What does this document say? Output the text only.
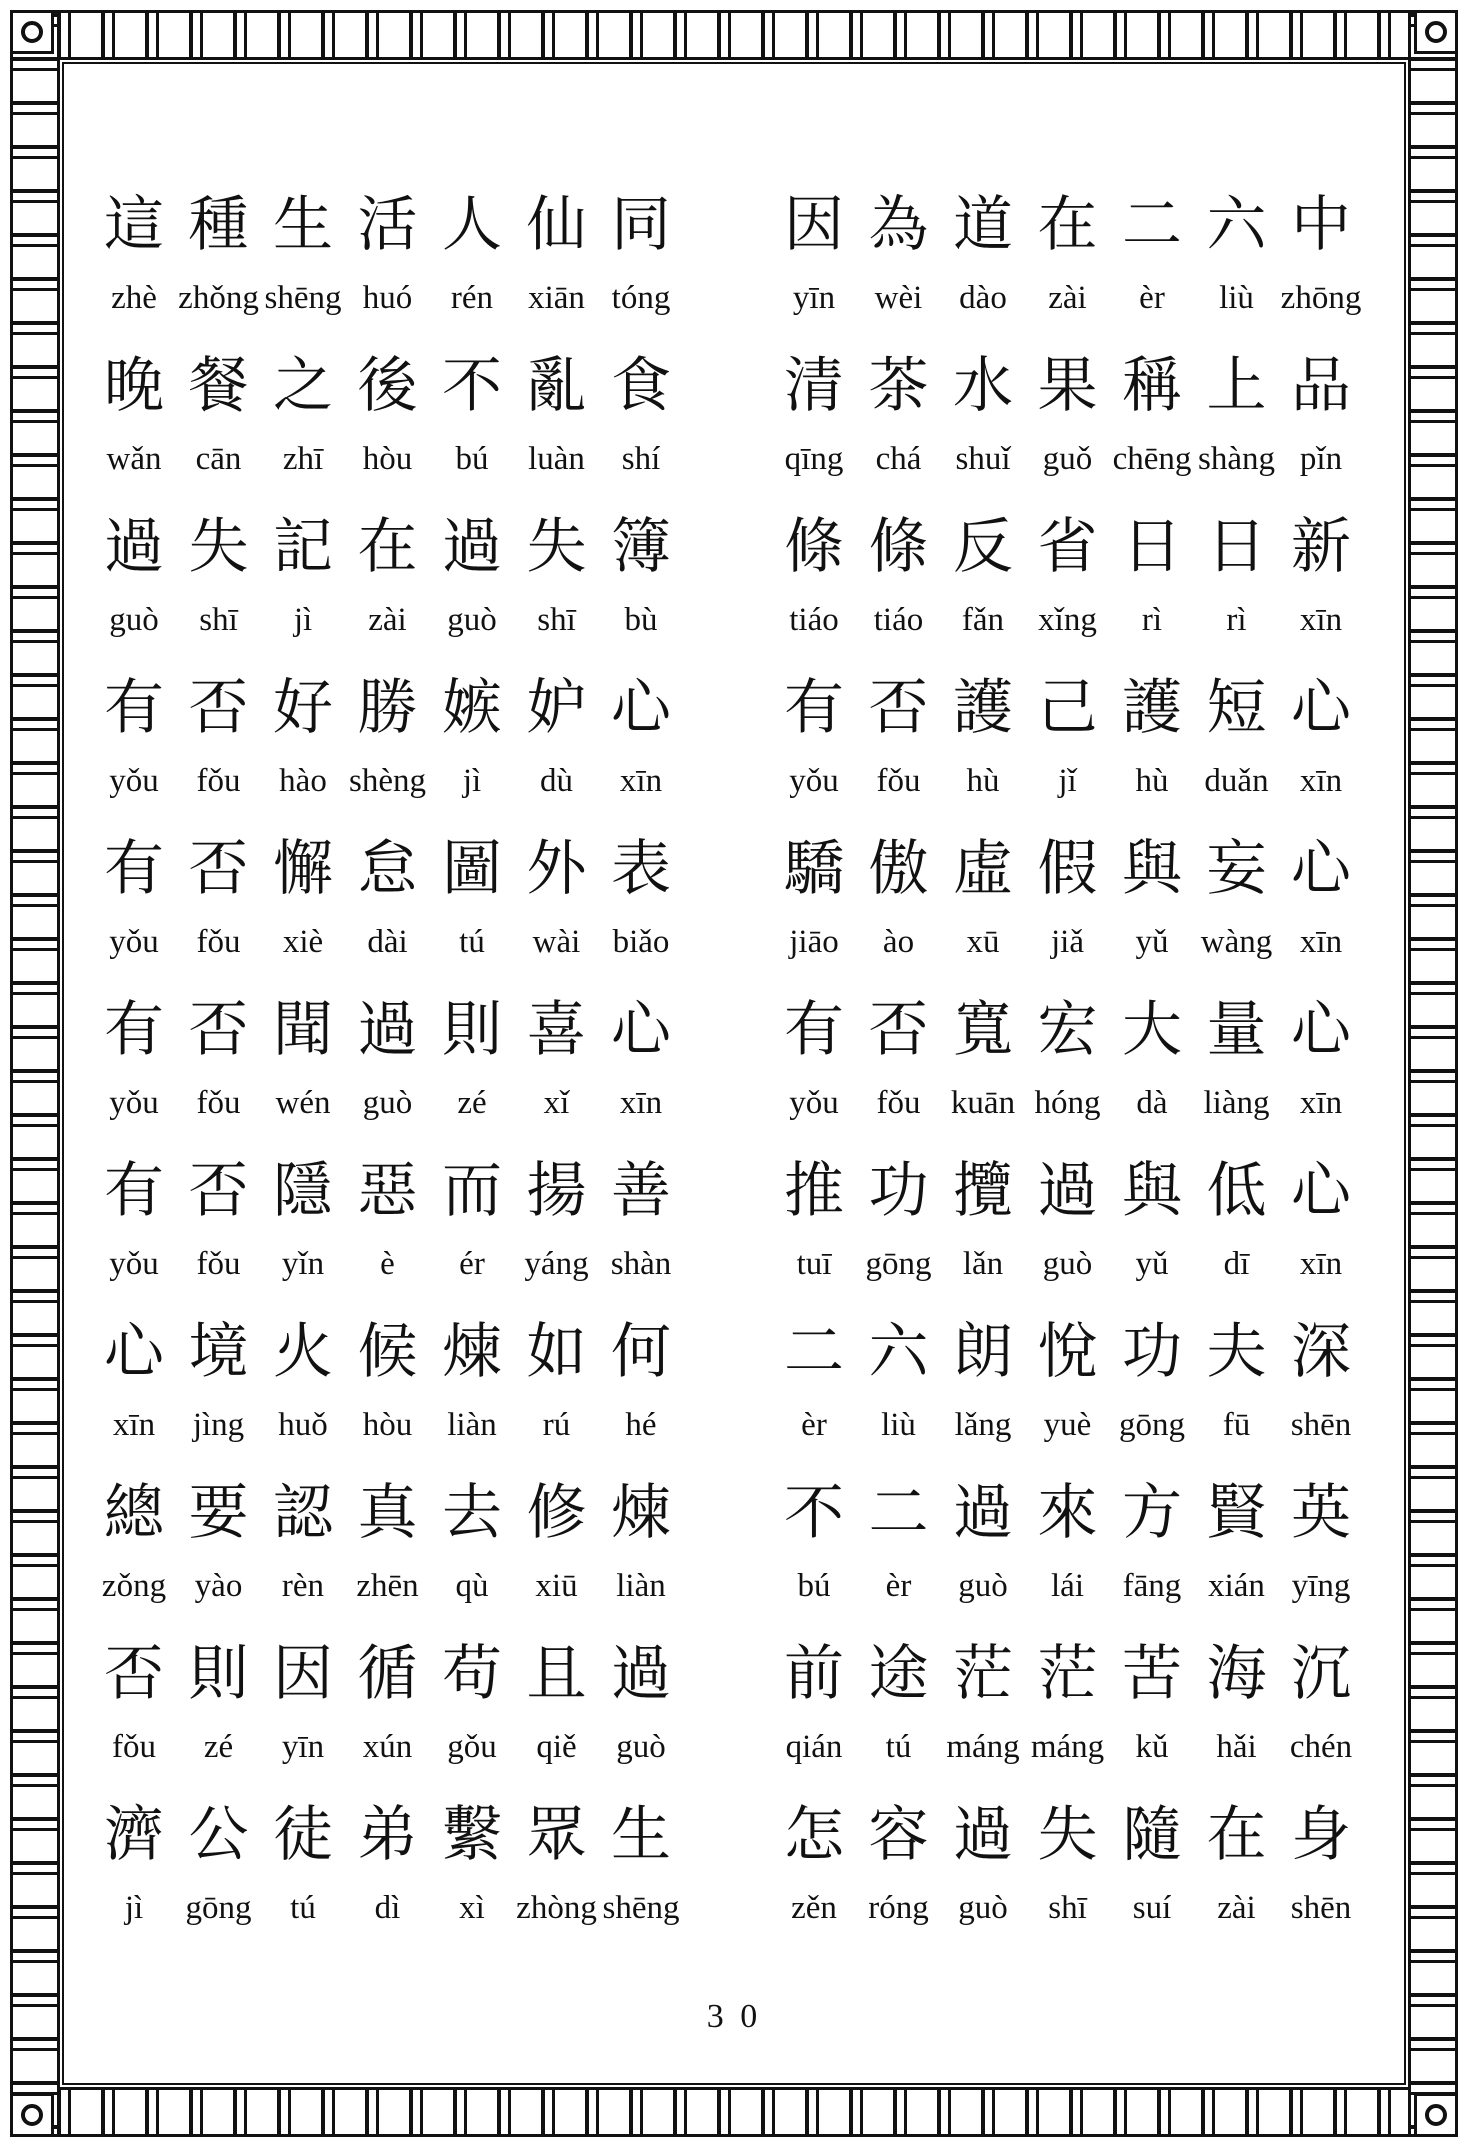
這
zhè
種
zhǒng
生
shēng
活
huó
人
rén
仙
xiān
同
tóng
因
yīn
為
wèi
道
dào
在
zài
二
èr
六
liù
中
zhōng
晚
wǎn
餐
cān
之
zhī
後
hòu
不
bú
亂
luàn
食
shí
清
qīng
茶
chá
水
shuǐ
果
guǒ
稱
chēng
上
shàng
品
pǐn
過
guò
失
shī
記
jì
在
zài
過
guò
失
shī
簿
bù
條
tiáo
條
tiáo
反
fǎn
省
xǐng
日
rì
日
rì
新
xīn
有
yǒu
否
fǒu
好
hào
勝
shèng
嫉
jì
妒
dù
心
xīn
有
yǒu
否
fǒu
護
hù
己
jǐ
護
hù
短
duǎn
心
xīn
有
yǒu
否
fǒu
懈
xiè
怠
dài
圖
tú
外
wài
表
biǎo
驕
jiāo
傲
ào
虛
xū
假
jiǎ
與
yǔ
妄
wàng
心
xīn
有
yǒu
否
fǒu
聞
wén
過
guò
則
zé
喜
xǐ
心
xīn
有
yǒu
否
fǒu
寬
kuān
宏
hóng
大
dà
量
liàng
心
xīn
有
yǒu
否
fǒu
隱
yǐn
惡
è
而
ér
揚
yáng
善
shàn
推
tuī
功
gōng
攬
lǎn
過
guò
與
yǔ
低
dī
心
xīn
心
xīn
境
jìng
火
huǒ
候
hòu
煉
liàn
如
rú
何
hé
二
èr
六
liù
朗
lǎng
悅
yuè
功
gōng
夫
fū
深
shēn
總
zǒng
要
yào
認
rèn
真
zhēn
去
qù
修
xiū
煉
liàn
不
bú
二
èr
過
guò
來
lái
方
fāng
賢
xián
英
yīng
否
fǒu
則
zé
因
yīn
循
xún
苟
gǒu
且
qiě
過
guò
前
qián
途
tú
茫
máng
茫
máng
苦
kǔ
海
hǎi
沉
chén
濟
jì
公
gōng
徒
tú
弟
dì
繫
xì
眾
zhòng
生
shēng
怎
zěn
容
róng
過
guò
失
shī
隨
suí
在
zài
身
shēn
3 0
